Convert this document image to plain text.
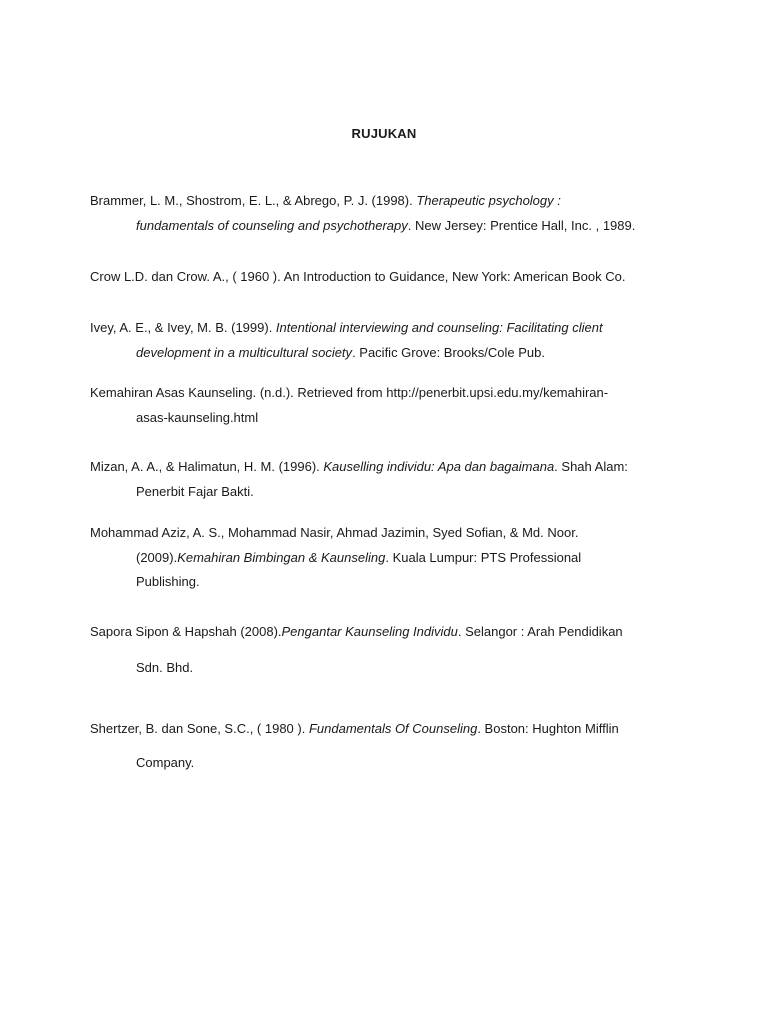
RUJUKAN
Brammer, L. M., Shostrom, E. L., & Abrego, P. J. (1998). Therapeutic psychology :
fundamentals of counseling and psychotherapy. New Jersey: Prentice Hall, Inc. , 1989.
Crow L.D. dan Crow. A., ( 1960 ). An Introduction to Guidance, New York: American Book Co.
Ivey, A. E., & Ivey, M. B. (1999). Intentional interviewing and counseling: Facilitating client
development in a multicultural society. Pacific Grove: Brooks/Cole Pub.
Kemahiran Asas Kaunseling. (n.d.). Retrieved from http://penerbit.upsi.edu.my/kemahiran-
asas-kaunseling.html
Mizan, A. A., & Halimatun, H. M. (1996). Kauselling individu: Apa dan bagaimana. Shah Alam:
Penerbit Fajar Bakti.
Mohammad Aziz, A. S., Mohammad Nasir, Ahmad Jazimin, Syed Sofian, & Md. Noor.
(2009).Kemahiran Bimbingan & Kaunseling. Kuala Lumpur: PTS Professional
Publishing.
Sapora Sipon & Hapshah (2008).Pengantar Kaunseling Individu. Selangor : Arah Pendidikan
Sdn. Bhd.
Shertzer, B. dan Sone, S.C., ( 1980 ). Fundamentals Of Counseling. Boston: Hughton Mifflin
Company.
